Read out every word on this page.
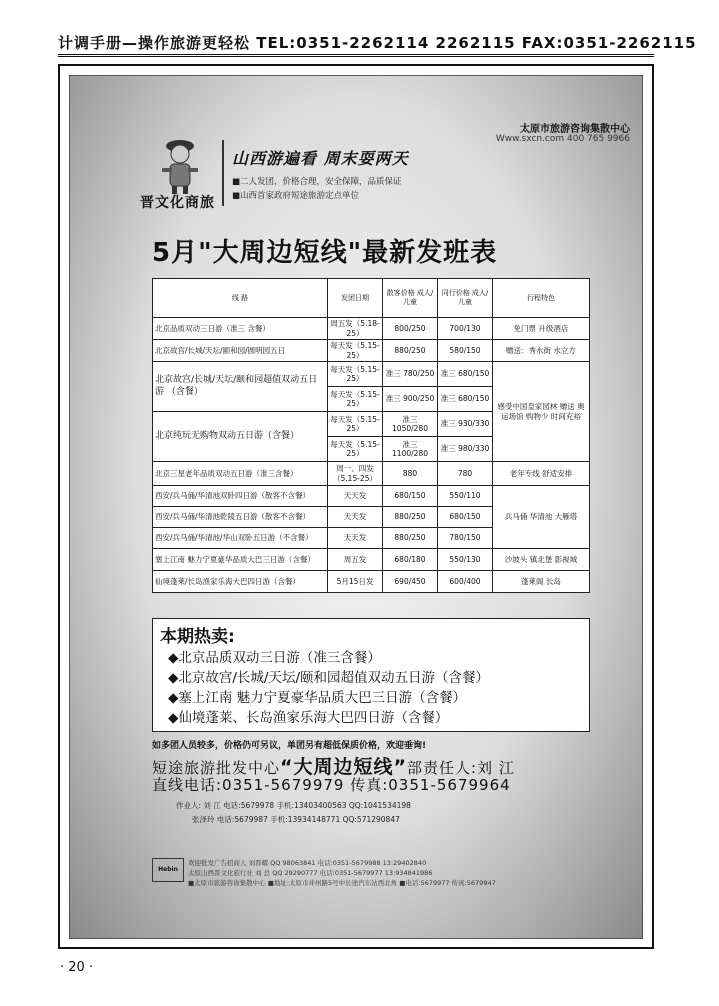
计调手册—操作旅游更轻松 TEL:0351-2262114 2262115 FAX:0351-2262115
晋文化商旅
山西游遍看 周末耍两天
■二人发团，价格合理，安全保障，品质保证
■山西首家政府短途旅游定点单位
太原市旅游咨询集散中心
Www.sxcn.com 400 765 9966
5月"大周边短线"最新发班表
线 路	发团日期	散客价格 成人/儿童	同行价格 成人/儿童	行程特色
北京品质双动三日游（准三 含餐）	周五发（5.18-25）	800/250	700/130	免门票 升级酒店
北京故宫/长城/天坛/颐和园/圆明园五日	每天发（5.15-25）	880/250	580/150	赠送：秀水街 水立方
北京故宫/长城/天坛/颐和园超值双动五日游 （含餐）	每天发（5.15-25）	准三 780/250	准三 680/150	感受中国皇家园林 赠送 奥运场馆 购物少 时间充裕
	每天发（5.15-25）	准三 900/250	准三 680/150	
北京纯玩无购物双动五日游（含餐）	每天发（5.15-25）	准三 1050/280	准三 930/330	
	每天发（5.15-25）	准三 1100/280	准三 980/330	
北京三星老年品质双动五日游（准三含餐）	周一、四发（5.15-25）	880	780	老年专线 舒适安排
西安/兵马俑/华清池双卧四日游（散客不含餐）	天天发	680/150	550/110	兵马俑 华清池 大雁塔
西安/兵马俑/华清池乾陵五日游（散客不含餐）	天天发	880/250	680/150	
西安/兵马俑/华清池/华山双卧五日游（不含餐）	天天发	880/250	780/150	
塞上江南 魅力宁夏豪华品质大巴三日游（含餐）	周五发	680/180	550/130	沙坡头 镇北堡 影视城
仙境蓬莱/长岛渔家乐海大巴四日游（含餐）	5月15日发	690/450	600/400	蓬莱阁 长岛
本期热卖:
◆北京品质双动三日游（准三含餐）
◆北京故宫/长城/天坛/颐和园超值双动五日游（含餐）
◆塞上江南 魅力宁夏豪华品质大巴三日游（含餐）
◆仙境蓬莱、长岛渔家乐海大巴四日游（含餐）
如多团人员较多，价格仍可另议，单团另有超低保质价格，欢迎垂询!
短途旅游批发中心“大周边短线”部责任人:刘 江
直线电话:0351-5679979 传真:0351-5679964
作业人: 刘 江 电话:5679978 手机:13403400563 QQ:1041534198
张泽玲 电话:5679987 手机:13934148771 QQ:571290847
Hebin
欢迎批发广告招商人 刘晋耀 QQ 98063841 电话:0351-5679988 13:29402840
太原山西晋文化旅行社 刘 总 QQ 29290777 电话:0351-5679977 13:934841986
■太原市旅游咨询集散中心 ■地址:太原市并州路5号中长途汽车站西北角 ■电话:5679977 传真:5679947
· 20 ·
